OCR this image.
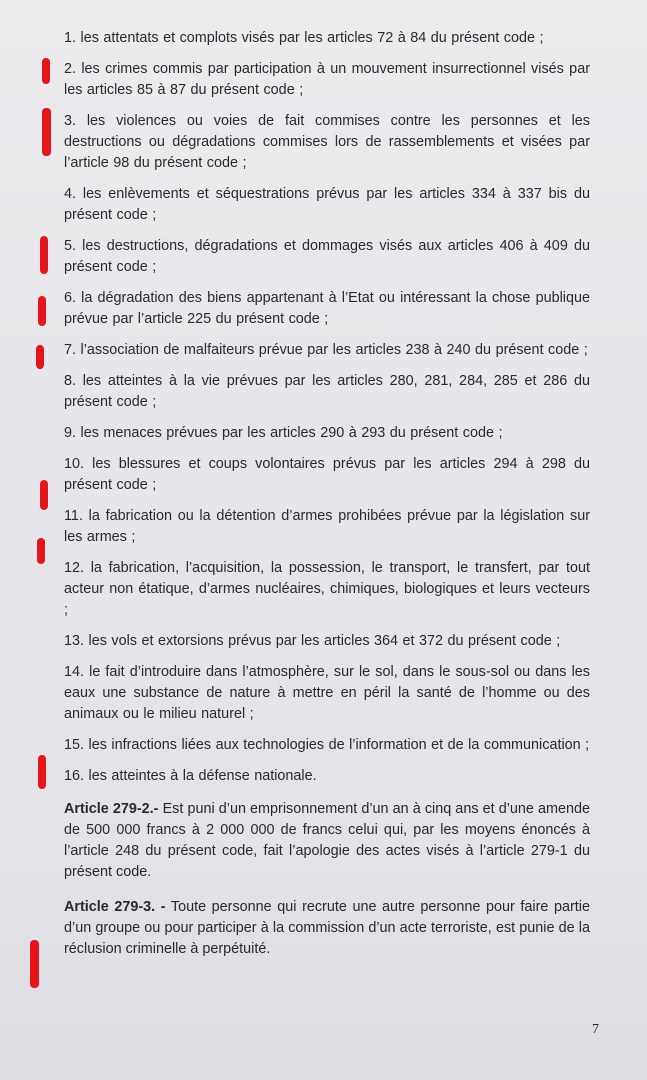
1. les attentats et complots visés par les articles 72 à 84 du présent code ;

2. les crimes commis par participation à un mouvement insurrectionnel visés par les articles 85 à 87 du présent code ;

3. les violences ou voies de fait commises contre les personnes et les destructions ou dégradations commises lors de rassemblements et visées par l’article 98 du présent code ;

4. les enlèvements et séquestrations prévus par les articles 334 à 337 bis du présent code ;

5. les destructions, dégradations et dommages visés aux articles 406 à 409 du présent code ;

6. la dégradation des biens appartenant à l’Etat ou intéressant la chose publique prévue par l’article 225 du présent code ;

7. l’association de malfaiteurs prévue par les articles 238 à 240 du présent code ;

8. les atteintes à la vie prévues par les articles 280, 281, 284, 285 et 286 du présent code ;

9. les menaces prévues par les articles 290 à 293 du présent code ;

10. les blessures et coups volontaires prévus par les articles 294 à 298 du présent code ;

11. la fabrication ou la détention d’armes prohibées prévue par la législation sur les armes ;

12. la fabrication, l’acquisition, la possession, le transport, le transfert, par tout acteur non étatique, d’armes nucléaires, chimiques, biologiques et leurs vecteurs ;

13. les vols et extorsions prévus par les articles 364 et 372 du présent code ;

14. le fait d’introduire dans l’atmosphère, sur le sol, dans le sous-sol ou dans les eaux une substance de nature à mettre en péril la santé de l’homme ou des animaux ou le milieu naturel ;

15. les infractions liées aux technologies de l’information et de la communication ;

16. les atteintes à la défense nationale.

Article 279-2.- Est puni d’un emprisonnement d’un an à cinq ans et d’une amende de 500 000 francs à 2 000 000 de francs celui qui, par les moyens énoncés à l’article 248 du présent code, fait l’apologie des actes visés à l’article 279-1 du présent code.

Article 279-3. - Toute personne qui recrute une autre personne pour faire partie d’un groupe ou pour participer à la commission d’un acte terroriste, est punie de la réclusion criminelle à perpétuité.

7
